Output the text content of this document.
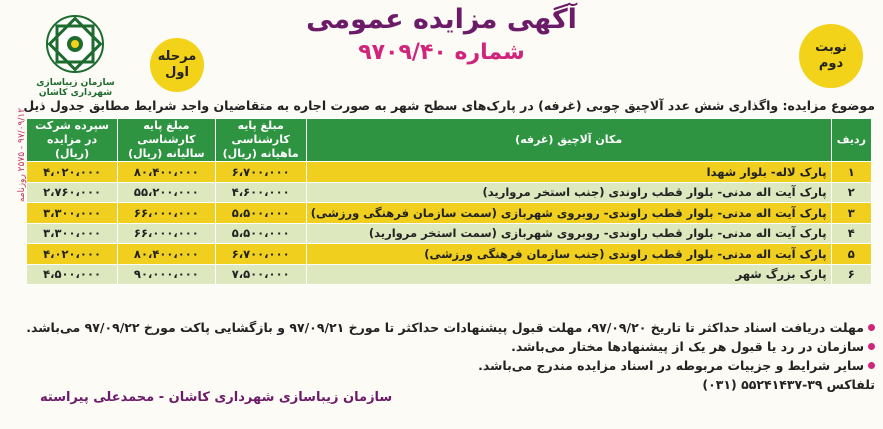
آگهی مزایده عمومی
شماره ۹۷۰۹/۴۰	نوبت
دوم
مرحله
اول
سازمان زیباسازی
شهرداری کاشان
موضوع مزایده: واگذاری شش عدد آلاچیق چوبی (غرفه) در پارک‌های سطح شهر به صورت اجاره به متقاضیان واجد شرایط مطابق جدول ذیل
ردیف	مکان آلاچیق (غرفه)	مبلغ پایه کارشناسی ماهیانه (ریال)	مبلغ پایه کارشناسی سالیانه (ریال)	سپرده شرکت در مزایده (ریال)
۱	پارک لاله- بلوار شهدا	۶،۷۰۰،۰۰۰	۸۰،۴۰۰،۰۰۰	۴،۰۲۰،۰۰۰
۲	پارک آیت اله مدنی- بلوار قطب راوندی (جنب استخر مروارید)	۴،۶۰۰،۰۰۰	۵۵،۲۰۰،۰۰۰	۲،۷۶۰،۰۰۰
۳	پارک آیت اله مدنی- بلوار قطب راوندی- روبروی شهربازی (سمت سازمان فرهنگی ورزشی)	۵،۵۰۰،۰۰۰	۶۶،۰۰۰،۰۰۰	۳،۳۰۰،۰۰۰
۴	پارک آیت اله مدنی- بلوار قطب راوندی- روبروی شهربازی (سمت استخر مروارید)	۵،۵۰۰،۰۰۰	۶۶،۰۰۰،۰۰۰	۳،۳۰۰،۰۰۰
۵	پارک آیت اله مدنی- بلوار قطب راوندی (جنب سازمان فرهنگی ورزشی)	۶،۷۰۰،۰۰۰	۸۰،۴۰۰،۰۰۰	۴،۰۲۰،۰۰۰
۶	پارک بزرگ شهر	۷،۵۰۰،۰۰۰	۹۰،۰۰۰،۰۰۰	۴،۵۰۰،۰۰۰
مهلت دریافت اسناد
حداکثر تا تاریخ ۹۷/۰۹/۲۰، مهلت قبول پیشنهادات حداکثر تا مورخ ۹۷/۰۹/۲۱ و بازگشایی پاکت مورخ ۹۷/۰۹/۲۲ می‌باشد.
سازمان در رد یا قبول هر یک از پیشنهادها مختار می‌باشد.
سایر شرایط و جزییات مربوطه در اسناد مزایده مندرج می‌باشد.
تلفاکس
۵۵۲۴۱۴۳۷-۳۹ (۰۳۱)
سازمان زیباسازی شهرداری کاشان - محمدعلی پیراسته
۹۷/۰۹/۱۲ - ۲۵۷۵ روزنامه
